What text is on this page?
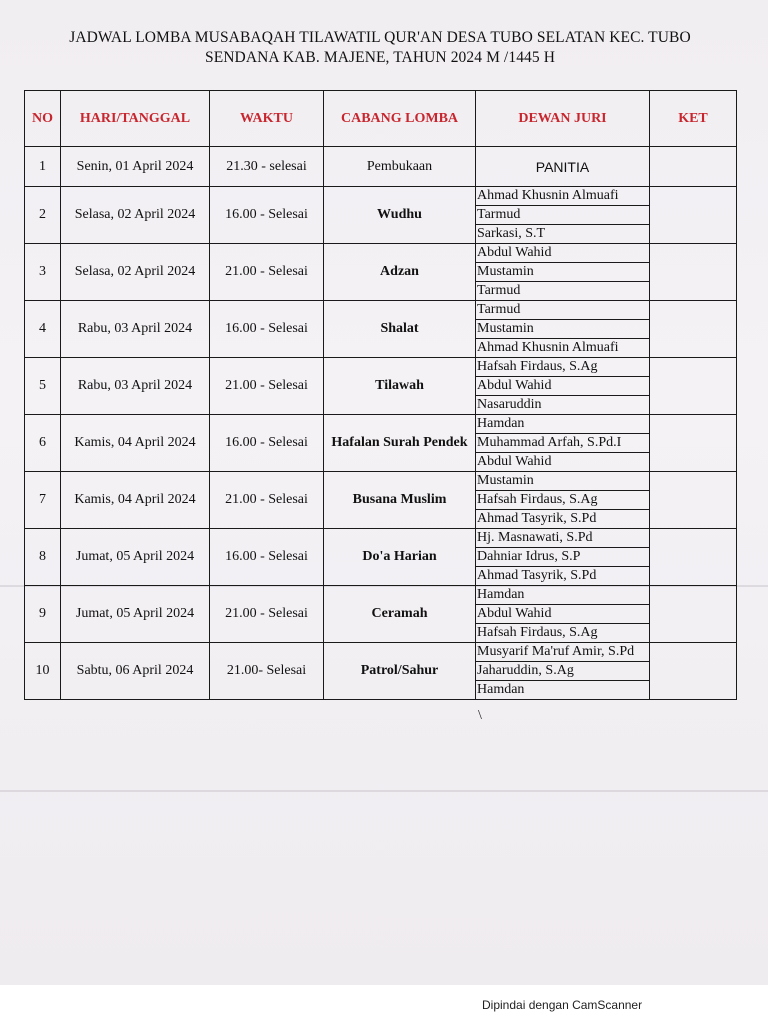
JADWAL LOMBA MUSABAQAH TILAWATIL QUR'AN DESA TUBO SELATAN KEC. TUBO
SENDANA KAB. MAJENE, TAHUN 2024 M /1445 H
NO	HARI/TANGGAL	WAKTU	CABANG LOMBA	DEWAN JURI	KET
1	Senin, 01 April 2024	21.30 - selesai	Pembukaan	PANITIA	
2	Selasa, 02 April 2024	16.00 - Selesai	Wudhu	Ahmad Khusnin Almuafi
Tarmud
Sarkasi, S.T	

3	Selasa, 02 April 2024	21.00 - Selesai	Adzan	Abdul Wahid
Mustamin
Tarmud	

4	Rabu, 03 April 2024	16.00 - Selesai	Shalat	Tarmud
Mustamin
Ahmad Khusnin Almuafi	

5	Rabu, 03 April 2024	21.00 - Selesai	Tilawah	Hafsah Firdaus, S.Ag
Abdul Wahid
Nasaruddin	

6	Kamis, 04 April 2024	16.00 - Selesai	Hafalan Surah Pendek	Hamdan
Muhammad Arfah, S.Pd.I
Abdul Wahid	

7	Kamis, 04 April 2024	21.00 - Selesai	Busana Muslim	Mustamin
Hafsah Firdaus, S.Ag
Ahmad Tasyrik, S.Pd	

8	Jumat, 05 April 2024	16.00 - Selesai	Do'a Harian	Hj. Masnawati, S.Pd
Dahniar Idrus, S.P
Ahmad Tasyrik, S.Pd	

9	Jumat, 05 April 2024	21.00 - Selesai	Ceramah	Hamdan
Abdul Wahid
Hafsah Firdaus, S.Ag	

10	Sabtu, 06 April 2024	21.00- Selesai	Patrol/Sahur	Musyarif Ma'ruf Amir, S.Pd
Jaharuddin, S.Ag
Hamdan	

\
Dipindai dengan CamScanner
